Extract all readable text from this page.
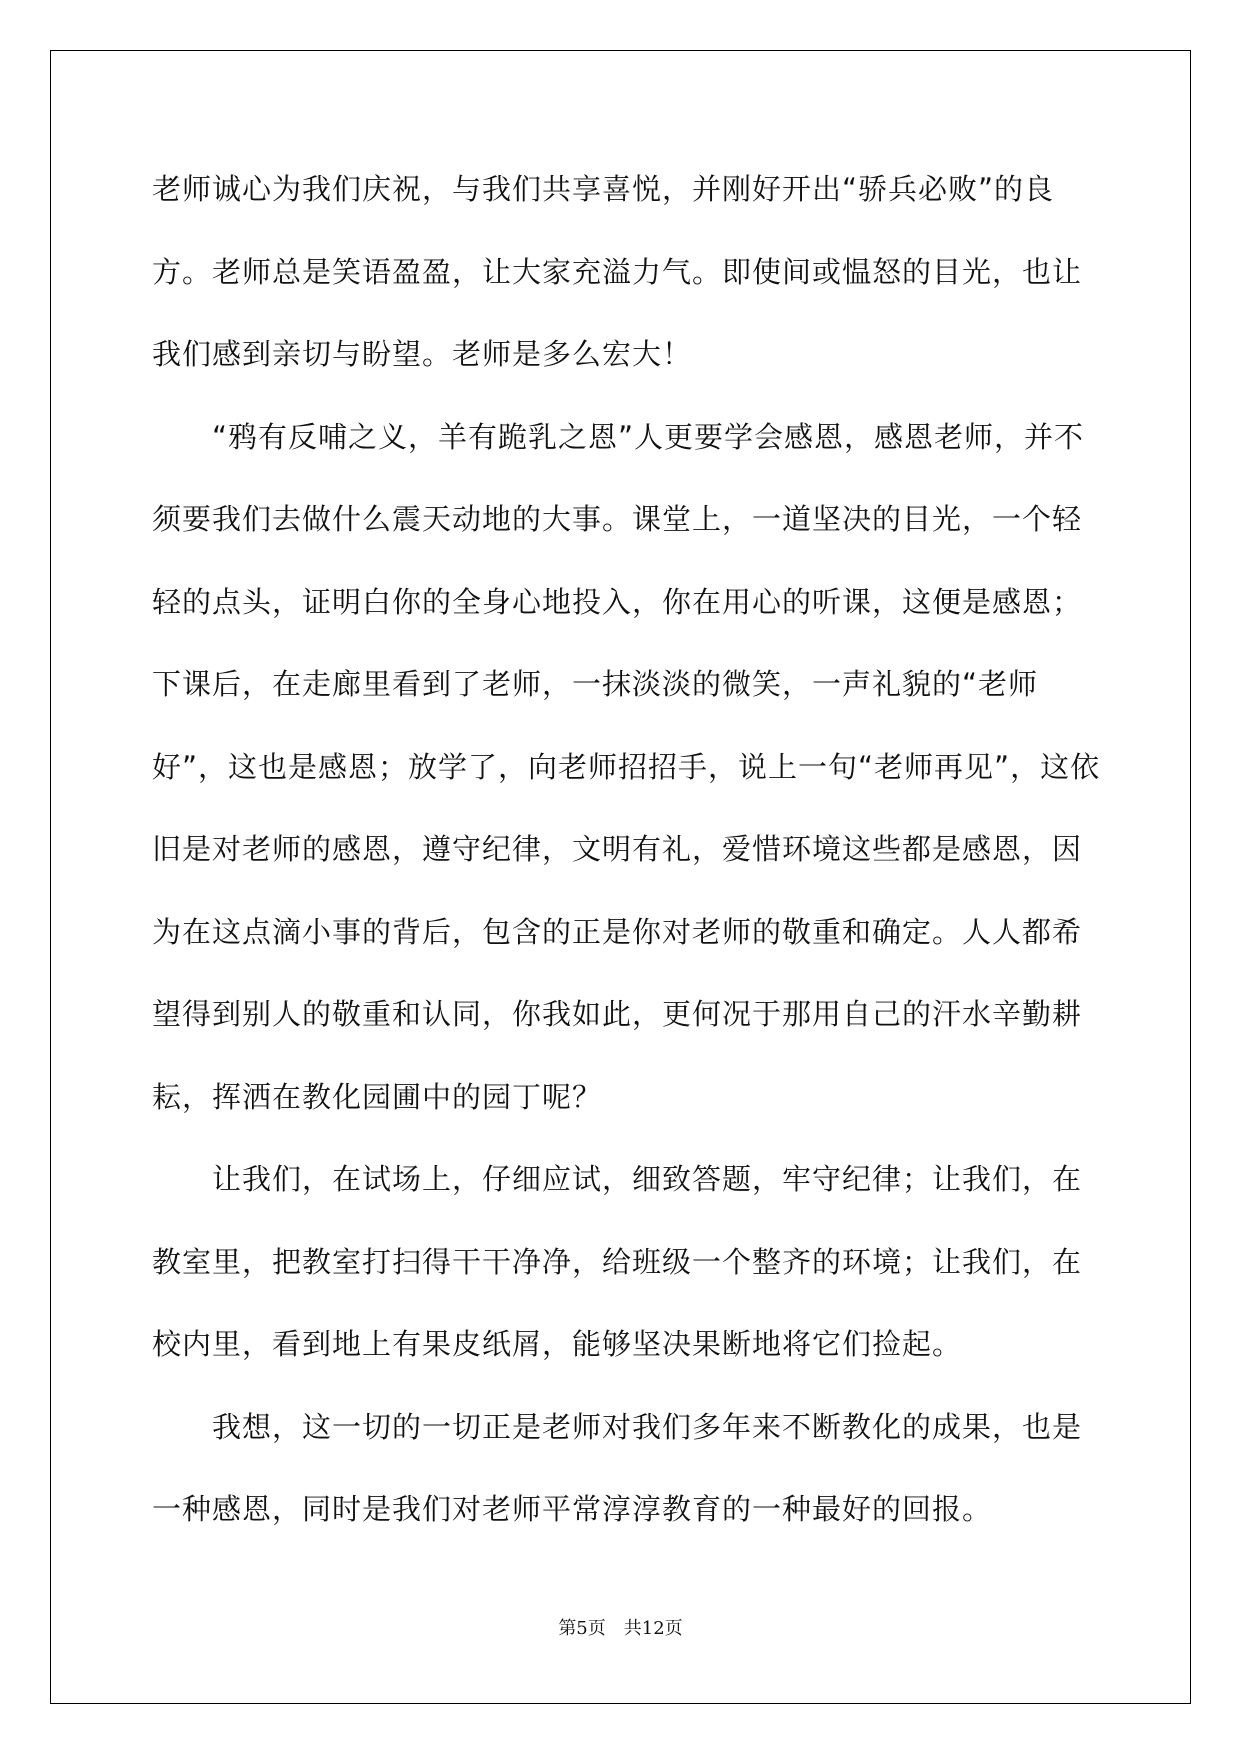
老师诚心为我们庆祝，与我们共享喜悦，并刚好开出“骄兵必败”的良方。老师总是笑语盈盈，让大家充溢力气。即使间或愠怒的目光，也让我们感到亲切与盼望。老师是多么宏大！

“鸦有反哺之义，羊有跪乳之恩”人更要学会感恩，感恩老师，并不须要我们去做什么震天动地的大事。课堂上，一道坚决的目光，一个轻轻的点头，证明白你的全身心地投入，你在用心的听课，这便是感恩；下课后，在走廊里看到了老师，一抹淡淡的微笑，一声礼貌的“老师好”，这也是感恩；放学了，向老师招招手，说上一句“老师再见”，这依旧是对老师的感恩，遵守纪律，文明有礼，爱惜环境这些都是感恩，因为在这点滴小事的背后，包含的正是你对老师的敬重和确定。人人都希望得到别人的敬重和认同，你我如此，更何况于那用自己的汗水辛勤耕耘，挥洒在教化园圃中的园丁呢？

让我们，在试场上，仔细应试，细致答题，牢守纪律；让我们，在教室里，把教室打扫得干干净净，给班级一个整齐的环境；让我们，在校内里，看到地上有果皮纸屑，能够坚决果断地将它们捡起。

我想，这一切的一切正是老师对我们多年来不断教化的成果，也是一种感恩，同时是我们对老师平常淳淳教育的一种最好的回报。

第5页　共12页
